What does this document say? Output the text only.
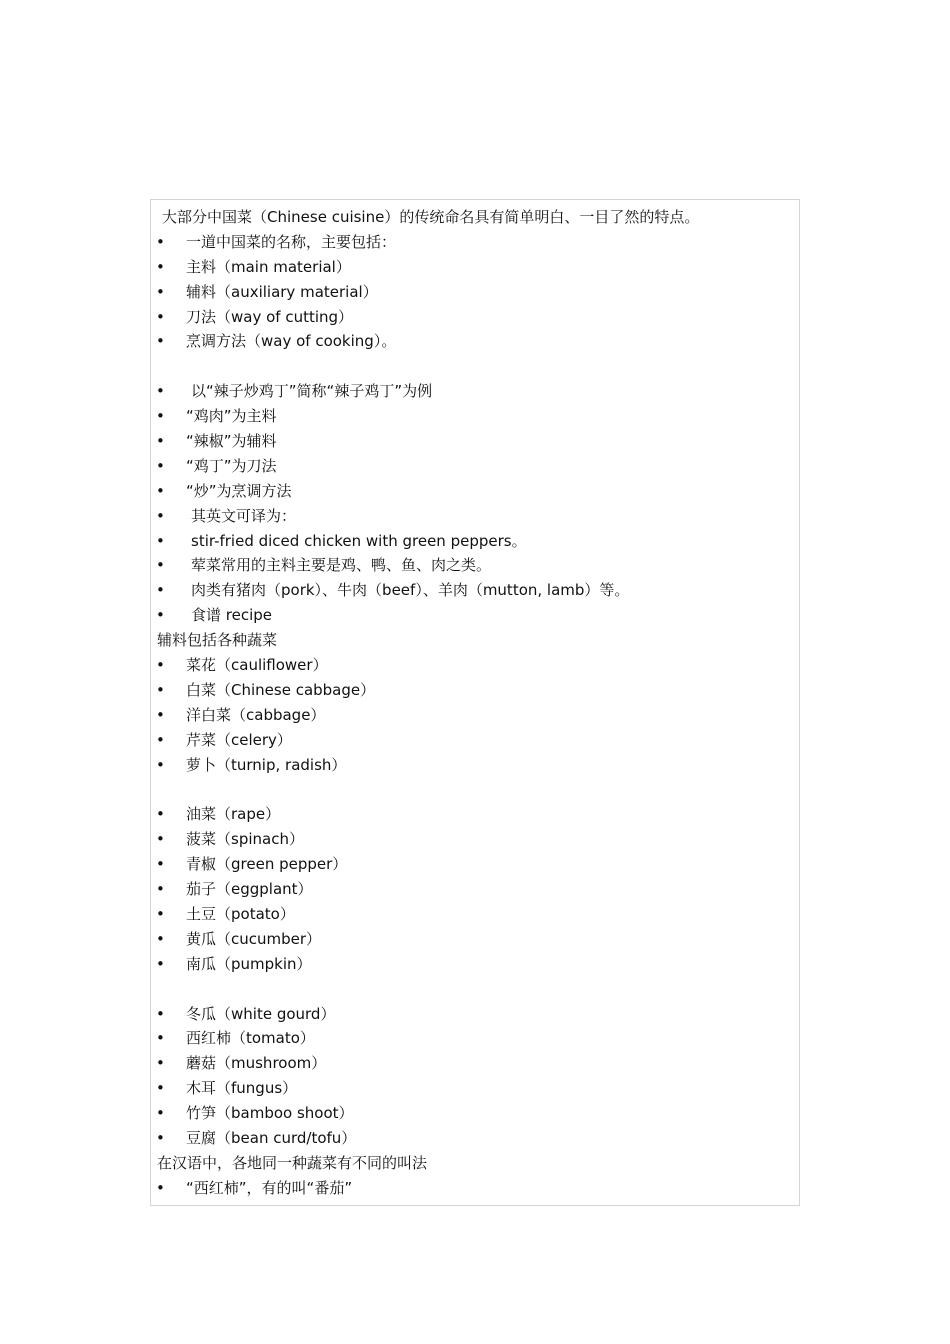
大部分中国菜（Chinese cuisine）的传统命名具有简单明白、一目了然的特点。
•	一道中国菜的名称，主要包括：
•	主料（main material）
•	辅料（auxiliary material）
•	刀法（way of cutting）
•	烹调方法（way of cooking）。
•	以“辣子炒鸡丁”简称“辣子鸡丁”为例
•	“鸡肉”为主料
•	“辣椒”为辅料
•	“鸡丁”为刀法
•	“炒”为烹调方法
•	其英文可译为：
•	stir-fried diced chicken with green peppers。
•	荤菜常用的主料主要是鸡、鸭、鱼、肉之类。
•	肉类有猪肉（pork）、牛肉（beef）、羊肉（mutton, lamb）等。
•	食谱 recipe
辅料包括各种蔬菜
•	菜花（cauliflower）
•	白菜（Chinese cabbage）
•	洋白菜（cabbage）
•	芹菜（celery）
•	萝卜（turnip, radish）
•	油菜（rape）
•	菠菜（spinach）
•	青椒（green pepper）
•	茄子（eggplant）
•	土豆（potato）
•	黄瓜（cucumber）
•	南瓜（pumpkin）
•	冬瓜（white gourd）
•	西红柿（tomato）
•	蘑菇（mushroom）
•	木耳（fungus）
•	竹笋（bamboo shoot）
•	豆腐（bean curd/tofu）
在汉语中，各地同一种蔬菜有不同的叫法
•	“西红柿”，有的叫“番茄”
